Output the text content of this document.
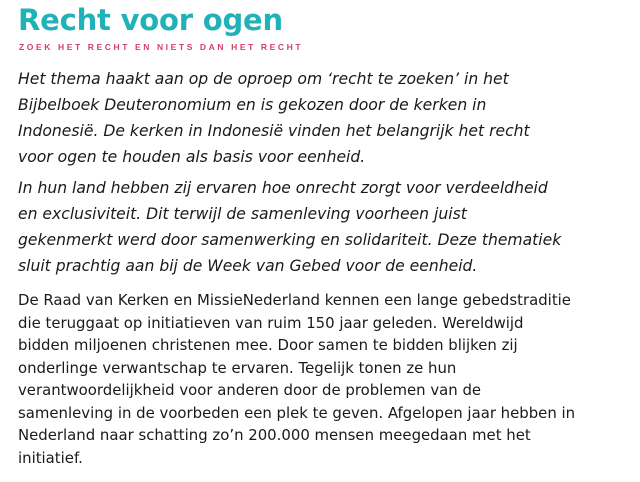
Recht voor ogen
ZOEK HET RECHT EN NIETS DAN HET RECHT

Het thema haakt aan op de oproep om ‘recht te zoeken’ in het
Bijbelboek Deuteronomium en is gekozen door de kerken in
Indonesië. De kerken in Indonesië vinden het belangrijk het recht
voor ogen te houden als basis voor eenheid.

In hun land hebben zij ervaren hoe onrecht zorgt voor verdeeldheid
en exclusiviteit. Dit terwijl de samenleving voorheen juist
gekenmerkt werd door samenwerking en solidariteit. Deze thematiek
sluit prachtig aan bij de Week van Gebed voor de eenheid.

De Raad van Kerken en MissieNederland kennen een lange gebedstraditie
die teruggaat op initiatieven van ruim 150 jaar geleden. Wereldwijd
bidden miljoenen christenen mee. Door samen te bidden blijken zij
onderlinge verwantschap te ervaren. Tegelijk tonen ze hun
verantwoordelijkheid voor anderen door de problemen van de
samenleving in de voorbeden een plek te geven. Afgelopen jaar hebben in
Nederland naar schatting zo’n 200.000 mensen meegedaan met het
initiatief.
